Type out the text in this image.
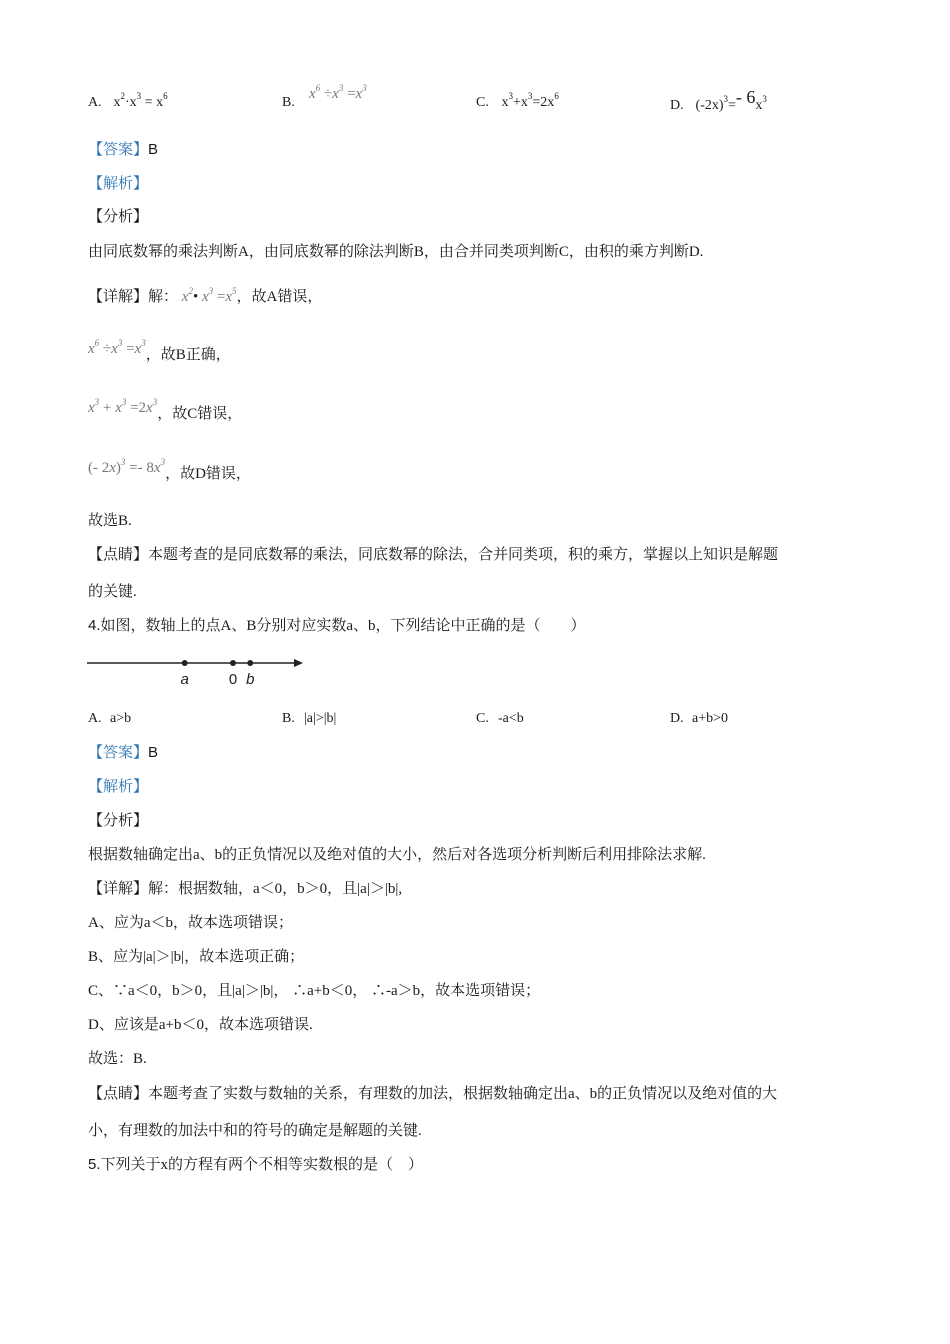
A. $x^2\cdot x^3 = x^6$	B.
$x^6 \div x^3 =x^3$
C. $x^3+x^3=2x^6$
D. $(-2x)^3=-$ $6x^3$
【答案】B
【解析】
【分析】
由同底数幂的乘法判断A，由同底数幂的除法判断B，由合并同类项判断C，由积的乘方判断D.
【详解】解： $x^2•$ $x^3 =x^5$，故A错误，
$x^6 \div x^3 =x^3$，故B正确，
$x^3 + x^3 =2x^3$，故C错误，
(- $2x)^3 =- 8x^3$，故D错误，
故选B.
【点睛】本题考查的是同底数幂的乘法，同底数幂的除法，合并同类项，积的乘方，掌握以上知识是解题
的关键.
4.如图，数轴上的点A、B分别对应实数a、b，下列结论中正确的是（　　）
a	0 b
A. a>b	B. |a|>|b|	C. -a<b	D. a+b>0
【答案】B
【解析】
【分析】
根据数轴确定出a、b的正负情况以及绝对值的大小，然后对各选项分析判断后利用排除法求解.
【详解】解：根据数轴，a＜0，b＞0，且|a|＞|b|,
A、应为a＜b，故本选项错误；
B、应为|a|＞|b|，故本选项正确；
C、∵a＜0，b＞0，且|a|＞|b|， ∴a+b＜0， ∴-a＞b，故本选项错误；
D、应该是a+b＜0，故本选项错误.
故选：B.
【点睛】本题考查了实数与数轴的关系，有理数的加法，根据数轴确定出a、b的正负情况以及绝对值的大
小，有理数的加法中和的符号的确定是解题的关键.
5.下列关于x的方程有两个不相等实数根的是（　）
